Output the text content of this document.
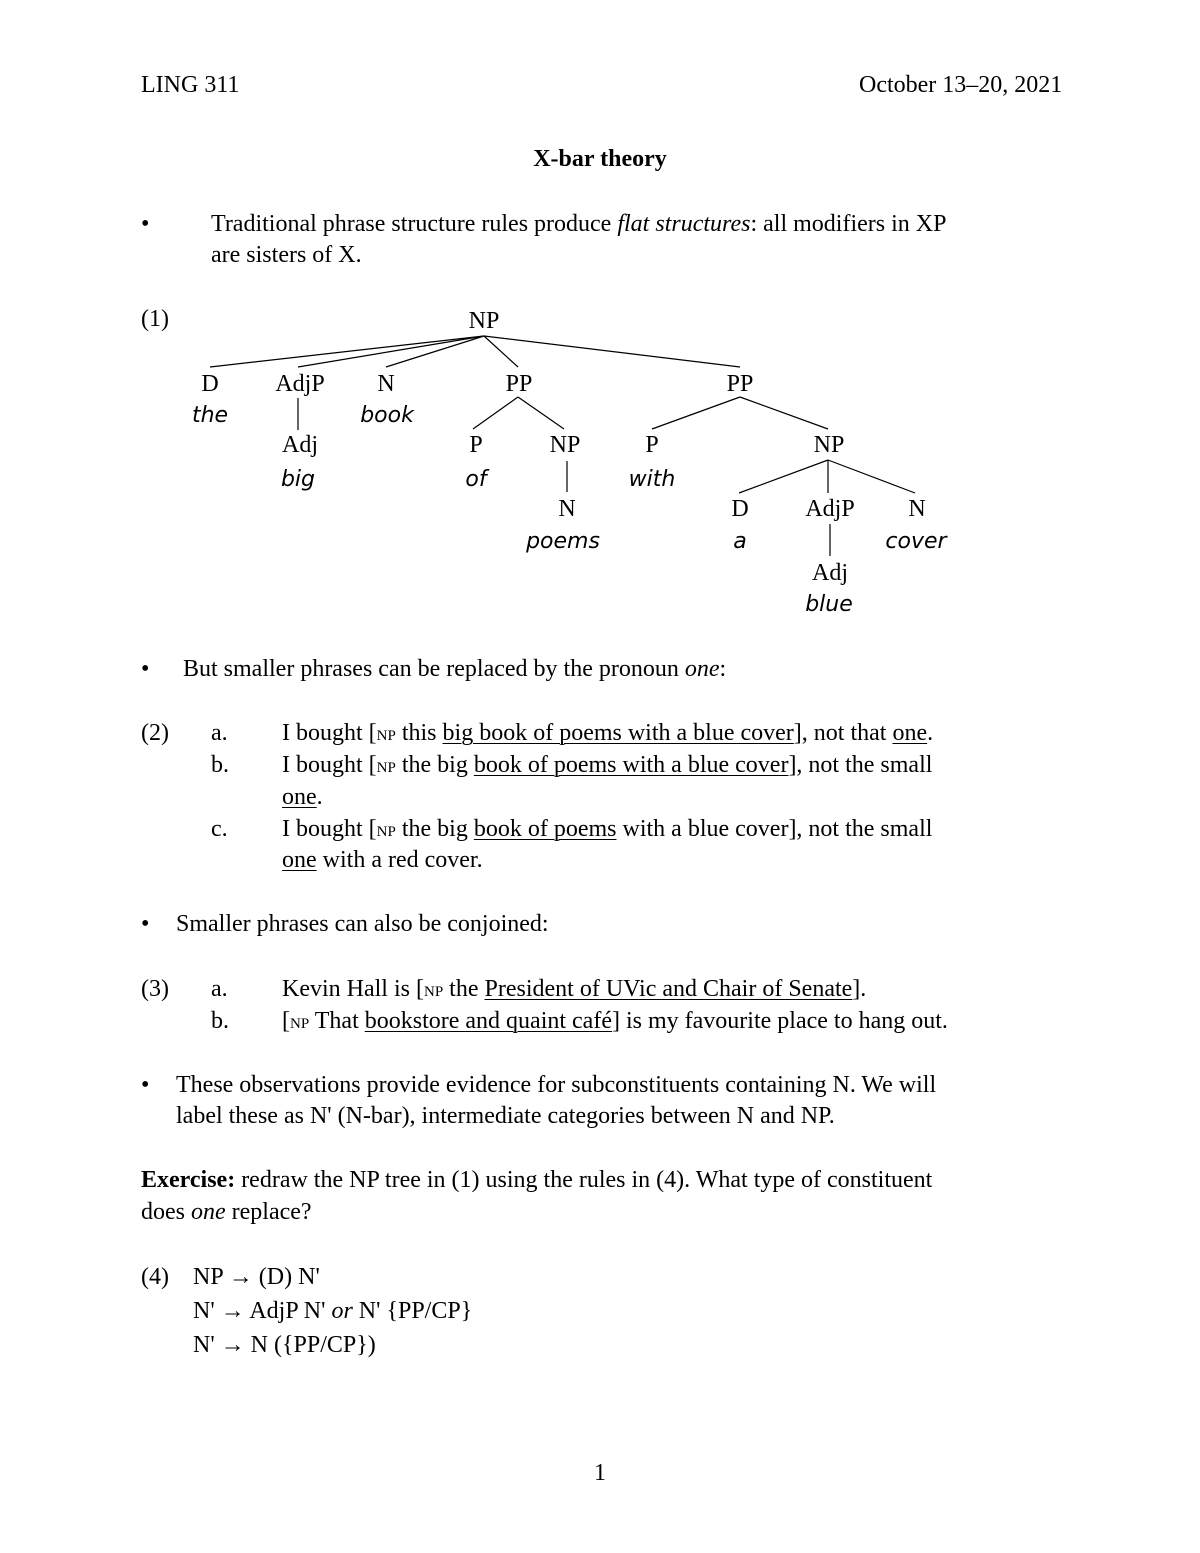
LING 311	October 13–20, 2021
X-bar theory
•	Traditional phrase structure rules produce flat structures: all modifiers in XP
are sisters of X.
(1)	NP
D
the
AdjP
Adj
big
N
book
PP
P
of
NP
N
poems
PP
P
with
NP
D
a
AdjP
Adj
blue
N
cover
• But smaller phrases can be replaced by the pronoun one:
(2) a. I bought [NP this big book of poems with a blue cover], not that one.
b. I bought [NP the big book of poems with a blue cover], not the small
one.
c. I bought [NP the big book of poems with a blue cover], not the small
one with a red cover.
• Smaller phrases can also be conjoined:
(3) a. Kevin Hall is [NP the President of UVic and Chair of Senate].
b. [NP That bookstore and quaint café] is my favourite place to hang out.
• These observations provide evidence for subconstituents containing N. We will
label these as N' (N-bar), intermediate categories between N and NP.
Exercise: redraw the NP tree in (1) using the rules in (4). What type of constituent
does one replace?
(4) NP → (D) N'
N' → AdjP N' or N' {PP/CP}
N' → N ({PP/CP})
1
